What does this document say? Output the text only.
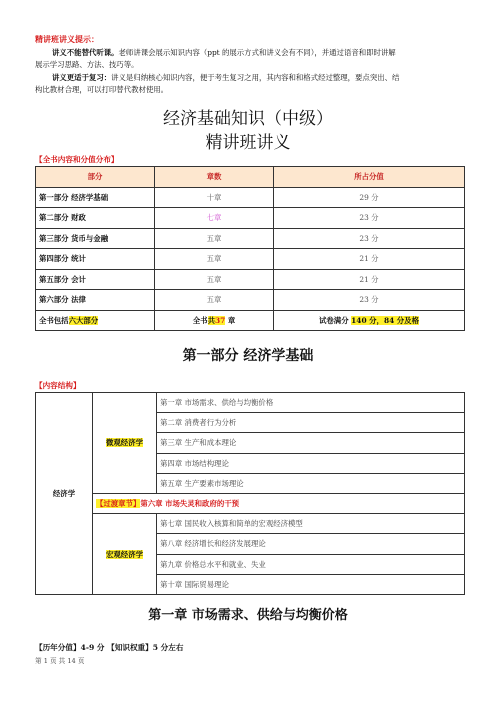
精讲班讲义提示：
讲义不能替代听课。老师讲课会展示知识内容（ppt 的展示方式和讲义会有不同），并通过语音和即时讲解
展示学习思路、方法、技巧等。
讲义更适于复习：讲义是归纳核心知识内容，便于考生复习之用，其内容和和格式经过整理，要点突出、结
构比教材合理，可以打印替代教材使用。
经济基础知识（中级）
精讲班讲义
【全书内容和分值分布】
部分	章数	所占分值
第一部分 经济学基础	十章	29 分
第二部分 财政	七章	23 分
第三部分 货币与金融	五章	23 分
第四部分 统计	五章	21 分
第五部分 会计	五章	21 分
第六部分 法律	五章	23 分
全书包括六大部分	全书共37 章	试卷满分 140 分，84 分及格
第一部分 经济学基础
【内容结构】
经济学	微观经济学	第一章 市场需求、供给与均衡价格
		第二章 消费者行为分析
		第三章 生产和成本理论
		第四章 市场结构理论
		第五章 生产要素市场理论
	【过渡章节】第六章 市场失灵和政府的干预	
	宏观经济学	第七章 国民收入核算和简单的宏观经济模型
		第八章 经济增长和经济发展理论
		第九章 价格总水平和就业、失业
		第十章 国际贸易理论
第一章 市场需求、供给与均衡价格
【历年分值】4-9 分 【知识权重】5 分左右
第 1 页 共 14 页
